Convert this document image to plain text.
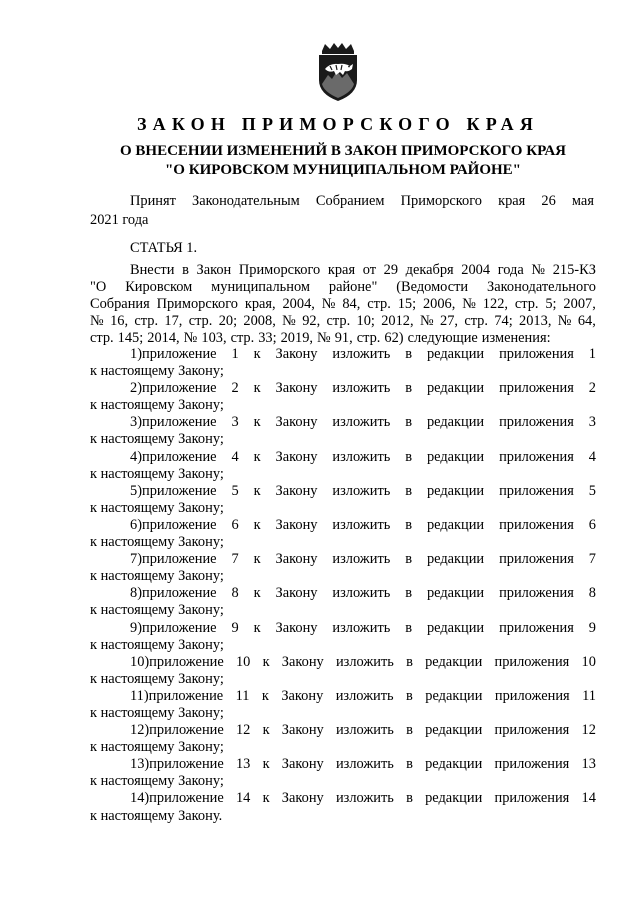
ЗАКОН ПРИМОРСКОГО КРАЯ
О ВНЕСЕНИИ ИЗМЕНЕНИЙ В ЗАКОН ПРИМОРСКОГО КРАЯ
"О КИРОВСКОМ МУНИЦИПАЛЬНОМ РАЙОНЕ"
Принят Законодательным Собранием Приморского края 26 мая
2021 года
СТАТЬЯ 1.
Внести в Закон Приморского края от 29 декабря 2004 года № 215-КЗ
"О Кировском муниципальном районе" (Ведомости Законодательного
Собрания Приморского края, 2004, № 84, стр. 15; 2006, № 122, стр. 5; 2007,
№ 16, стр. 17, стр. 20; 2008, № 92, стр. 10; 2012, № 27, стр. 74; 2013, № 64,
стр. 145; 2014, № 103, стр. 33; 2019, № 91, стр. 62) следующие изменения:
1)приложение 1 к Закону изложить в редакции приложения 1
к настоящему Закону;
2)приложение 2 к Закону изложить в редакции приложения 2
к настоящему Закону;
3)приложение 3 к Закону изложить в редакции приложения 3
к настоящему Закону;
4)приложение 4 к Закону изложить в редакции приложения 4
к настоящему Закону;
5)приложение 5 к Закону изложить в редакции приложения 5
к настоящему Закону;
6)приложение 6 к Закону изложить в редакции приложения 6
к настоящему Закону;
7)приложение 7 к Закону изложить в редакции приложения 7
к настоящему Закону;
8)приложение 8 к Закону изложить в редакции приложения 8
к настоящему Закону;
9)приложение 9 к Закону изложить в редакции приложения 9
к настоящему Закону;
10)приложение 10 к Закону изложить в редакции приложения 10
к настоящему Закону;
11)приложение 11 к Закону изложить в редакции приложения 11
к настоящему Закону;
12)приложение 12 к Закону изложить в редакции приложения 12
к настоящему Закону;
13)приложение 13 к Закону изложить в редакции приложения 13
к настоящему Закону;
14)приложение 14 к Закону изложить в редакции приложения 14
к настоящему Закону.
